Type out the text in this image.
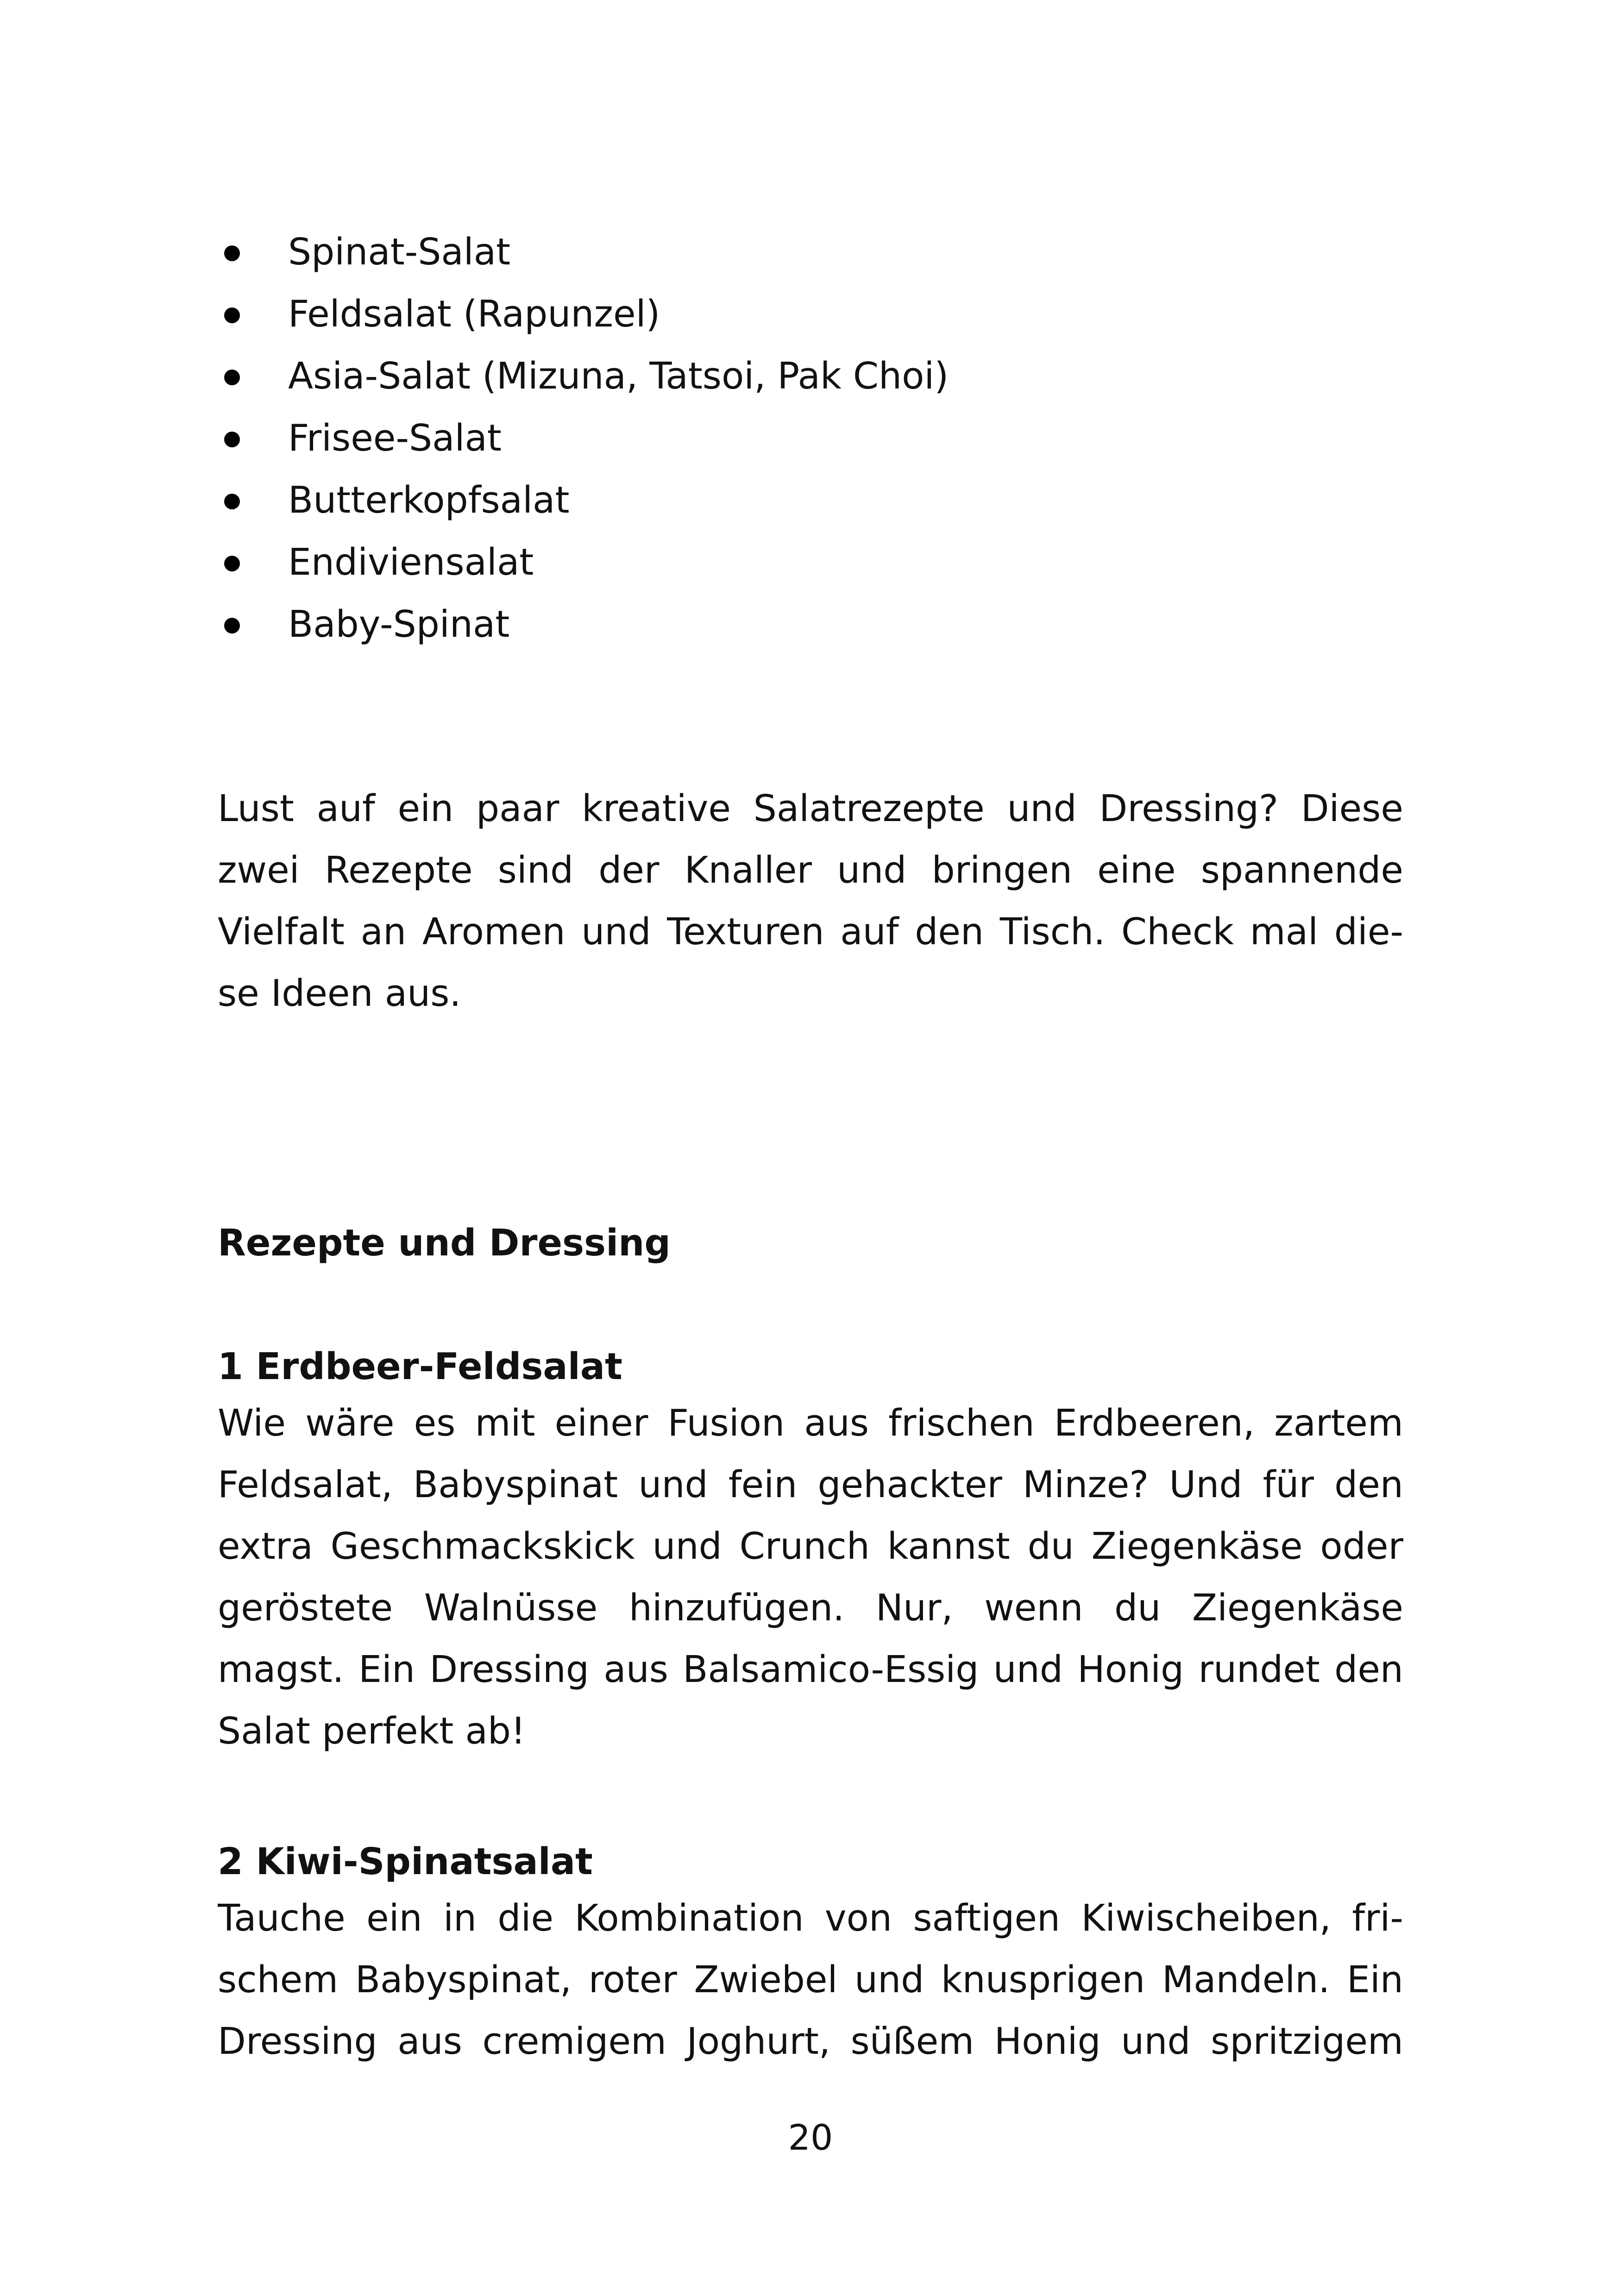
Spinat-Salat
Feldsalat (Rapunzel)
Asia-Salat (Mizuna, Tatsoi, Pak Choi)
Frisee-Salat
Butterkopfsalat
Endiviensalat
Baby-Spinat
Lust auf ein paar kreative Salatrezepte und Dressing? Diese
zwei Rezepte sind der Knaller und bringen eine spannende
Vielfalt an Aromen und Texturen auf den Tisch. Check mal die-
se Ideen aus.
Rezepte und Dressing
1 Erdbeer-Feldsalat
Wie wäre es mit einer Fusion aus frischen Erdbeeren, zartem
Feldsalat, Babyspinat und fein gehackter Minze? Und für den
extra Geschmackskick und Crunch kannst du Ziegenkäse oder
geröstete Walnüsse hinzufügen. Nur, wenn du Ziegenkäse
magst. Ein Dressing aus Balsamico-Essig und Honig rundet den
Salat perfekt ab!
2 Kiwi-Spinatsalat
Tauche ein in die Kombination von saftigen Kiwischeiben, fri-
schem Babyspinat, roter Zwiebel und knusprigen Mandeln. Ein
Dressing aus cremigem Joghurt, süßem Honig und spritzigem
20
